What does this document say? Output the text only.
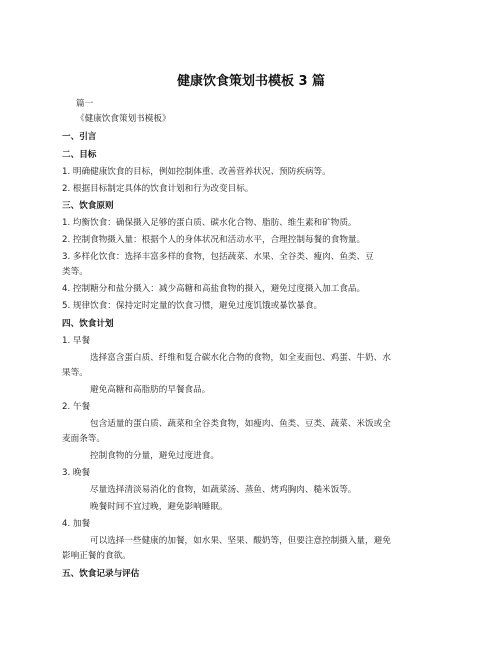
健康饮食策划书模板 3 篇
篇一
《健康饮食策划书模板》
一、引言
二、目标
1. 明确健康饮食的目标，例如控制体重、改善营养状况、预防疾病等。
2. 根据目标制定具体的饮食计划和行为改变目标。
三、饮食原则
1. 均衡饮食：确保摄入足够的蛋白质、碳水化合物、脂肪、维生素和矿物质。
2. 控制食物摄入量：根据个人的身体状况和活动水平，合理控制每餐的食物量。
3. 多样化饮食：选择丰富多样的食物，包括蔬菜、水果、全谷类、瘦肉、鱼类、豆
类等。
4. 控制糖分和盐分摄入：减少高糖和高盐食物的摄入，避免过度摄入加工食品。
5. 规律饮食：保持定时定量的饮食习惯，避免过度饥饿或暴饮暴食。
四、饮食计划
1. 早餐
选择富含蛋白质、纤维和复合碳水化合物的食物，如全麦面包、鸡蛋、牛奶、水
果等。
避免高糖和高脂肪的早餐食品。
2. 午餐
包含适量的蛋白质、蔬菜和全谷类食物，如瘦肉、鱼类、豆类、蔬菜、米饭或全
麦面条等。
控制食物的分量，避免过度进食。
3. 晚餐
尽量选择清淡易消化的食物，如蔬菜汤、蒸鱼、烤鸡胸肉、糙米饭等。
晚餐时间不宜过晚，避免影响睡眠。
4. 加餐
可以选择一些健康的加餐，如水果、坚果、酸奶等，但要注意控制摄入量，避免
影响正餐的食欲。
五、饮食记录与评估
